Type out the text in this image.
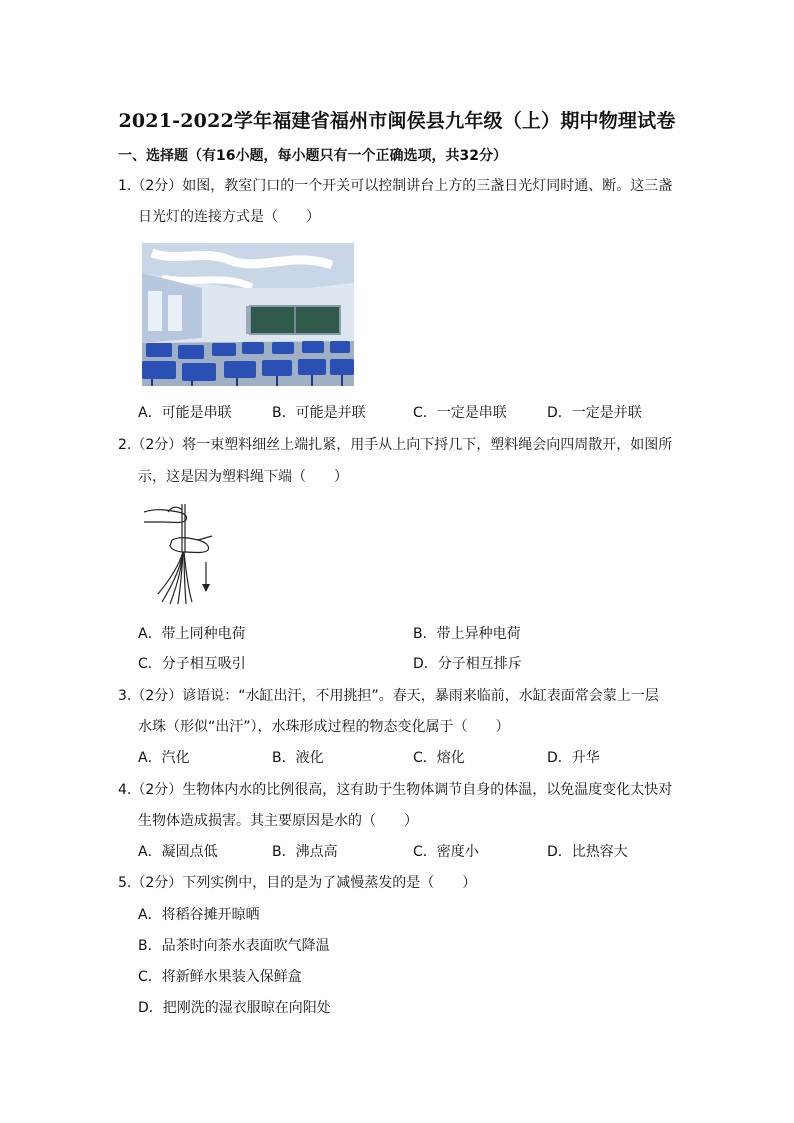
2021-2022学年福建省福州市闽侯县九年级（上）期中物理试卷
一、选择题（有16小题，每小题只有一个正确选项，共32分）
1.（2分）如图，教室门口的一个开关可以控制讲台上方的三盏日光灯同时通、断。这三盏
日光灯的连接方式是（　　）
A．可能是串联	B．可能是并联	C．一定是串联	D．一定是并联
2.（2分）将一束塑料细丝上端扎紧，用手从上向下捋几下，塑料绳会向四周散开，如图所
示，这是因为塑料绳下端（　　）
A．带上同种电荷	B．带上异种电荷
C．分子相互吸引	D．分子相互排斥
3.（2分）谚语说：“水缸出汗，不用挑担”。春天，暴雨来临前，水缸表面常会蒙上一层
水珠（形似“出汗”），水珠形成过程的物态变化属于（　　）
A．汽化	B．液化	C．熔化	D．升华
4.（2分）生物体内水的比例很高，这有助于生物体调节自身的体温，以免温度变化太快对
生物体造成损害。其主要原因是水的（　　）
A．凝固点低	B．沸点高	C．密度小	D．比热容大
5.（2分）下列实例中，目的是为了减慢蒸发的是（　　）
A．将稻谷摊开晾晒
B．品茶时向茶水表面吹气降温
C．将新鲜水果装入保鲜盒
D．把刚洗的湿衣服晾在向阳处
